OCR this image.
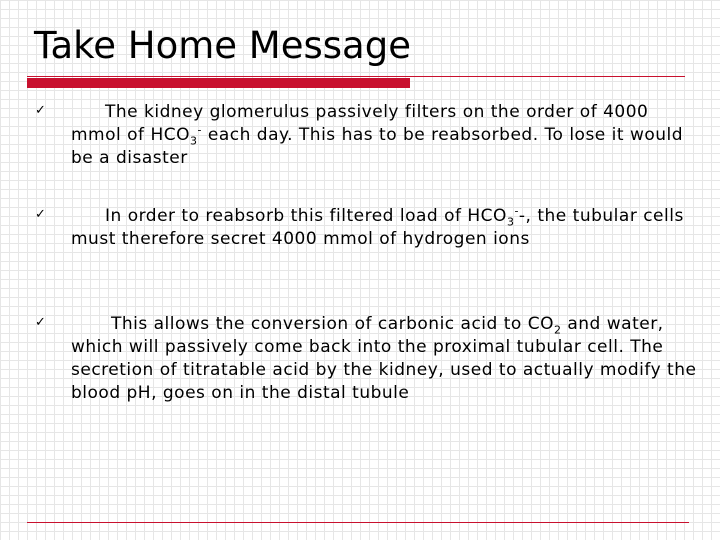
Take Home Message
✓	The kidney glomerulus passively filters on the order of 4000 mmol of $HCO_3^-$ each day. This has to be reabsorbed. To lose it would be a disaster

✓	In order to reabsorb this filtered load of $HCO_3^--$, the tubular cells must therefore secret 4000 mmol of hydrogen ions

✓	This allows the conversion of carbonic acid to $CO_2$ and water, which will passively come back into the proximal tubular cell. The secretion of titratable acid by the kidney, used to actually modify the blood pH, goes on in the distal tubule
